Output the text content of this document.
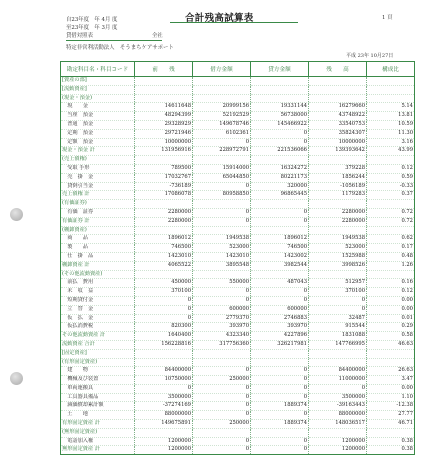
自23年度　年 4月 度
至23年度　年 3月 度
合計残高試算表	1 頁
貸借対照表	全社
特定非営利活動法人　そうまちケアサポート
平成 23年 10月27日
勘定科目名・科目コード	前　　残	借方金額	貸方金額	残　　高	構成比
[資産の部]					
[流動資産]					
(現金・預金)					
　現　　金	14611648	20999156	19331144	16279660	5.14
　当座　預金	48294399	52192529	56738000	43748922	13.81
　普通　預金	29328929	149678746	145466922	33540753	10.59
　定期　預金	29721946	6102361	0	35824307	11.30
　定額　預金	10000000	0	0	10000000	3.16
現金・預金 計	131956916	228972791	221536066	139393642	43.99
(売上債権)					
　受取 手形	789500	15914000	16324272	379228	0.12
　売　掛　金	17032767	65044850	80221173	1856244	0.59
　貸倒引当金	-736189	0	320000	-1056189	-0.33
売上債権 計	17086078	80958850	96865445	1179283	0.37
(有価証券)					
　有価　証券	2280000	0	0	2280000	0.72
有価証券 計	2280000	0	0	2280000	0.72
(棚卸資産)					
　商　　品	1896012	1949538	1896012	1949538	0.62
　製　　品	746500	523000	746500	523000	0.17
　仕　掛　品	1423010	1423010	1423002	1525988	0.48
棚卸資産 計	4065522	3895548	3982544	3998526	1.26
(その他流動資産)					
　前払　費用	450000	550000	487043	512957	0.16
　未　収　益	370100	0	0	370100	0.12
　短期貸付金	0	0	0	0	0.00
　立　替　金	0	600000	600000	0	0.00
　仮　払　金	0	2779370	2746883	32487	0.01
　仮払消費税	820300	393970	393970	915544	0.29
その他流動資産 計	1640400	4323340	4227896	1831088	0.58
流動資産 合計	156228816	317756360	326217981	147766995	46.63
[固定資産]					
(有形固定資産)					
　建　　物	84400000	0	0	84400000	26.63
　機械及び装置	10750000	250000	0	11000000	3.47
　車両運搬具	0	0	0	0	0.00
　工具器具備品	3500000	0	0	3500000	1.10
　減価償却累計額	-37274169	0	1889374	-39163443	-12.38
　土　　地	88000000	0	0	88000000	27.77
有形固定資産 計	149675891	250000	1889374	148036517	46.71
(無形固定資産)					
　電話加入権	1200000	0	0	1200000	0.38
無形固定資産 計	1200000	0	0	1200000	0.38
